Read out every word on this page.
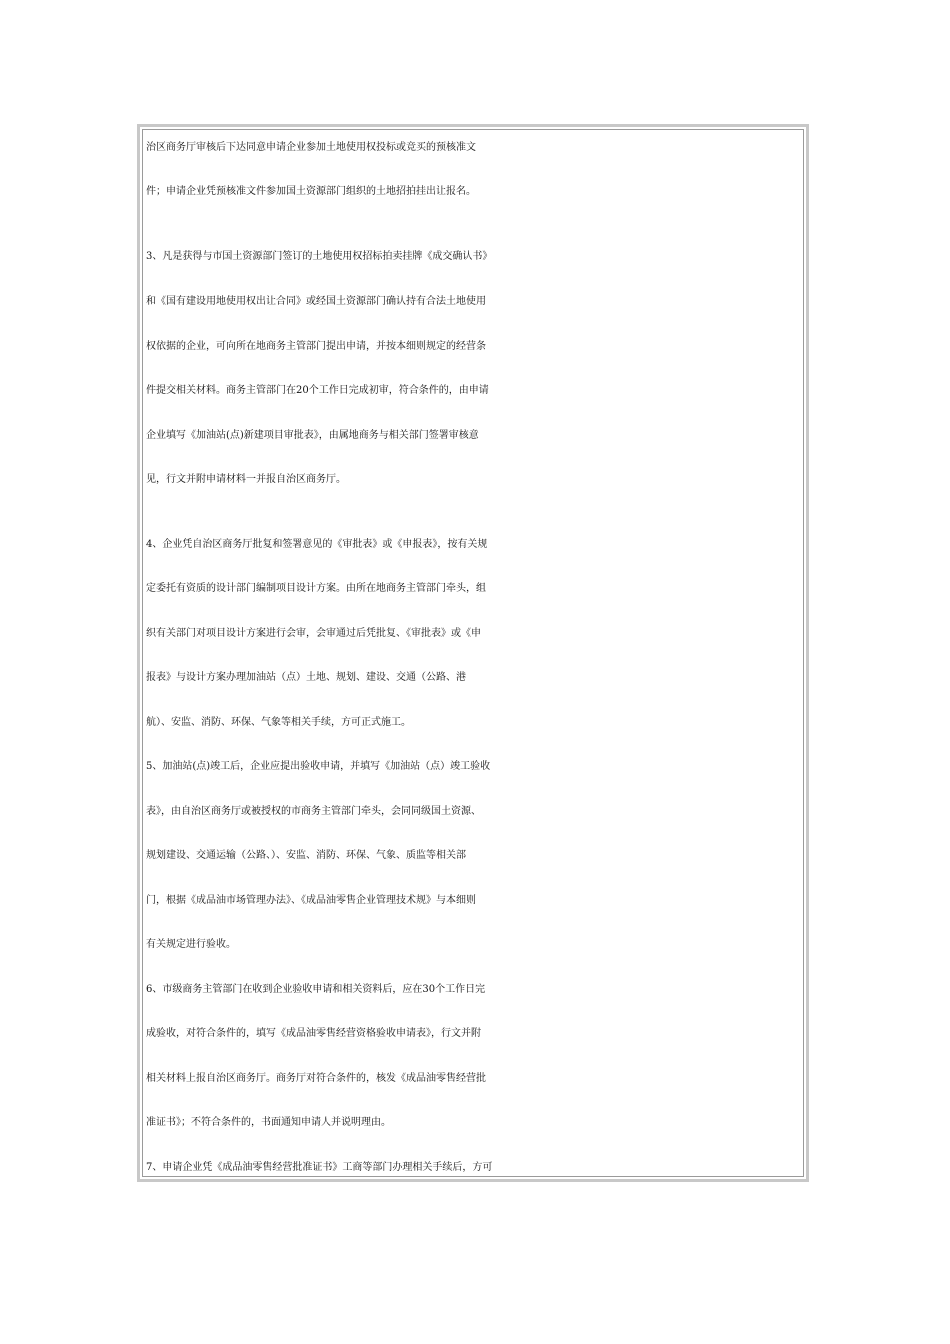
治区商务厅审核后下达同意申请企业参加土地使用权投标或竞买的预核准文
件；申请企业凭预核准文件参加国土资源部门组织的土地招拍挂出让报名。
3、凡是获得与市国土资源部门签订的土地使用权招标拍卖挂牌《成交确认书》
和《国有建设用地使用权出让合同》或经国土资源部门确认持有合法土地使用
权依据的企业，可向所在地商务主管部门提出申请，并按本细则规定的经营条
件提交相关材料。商务主管部门在20个工作日完成初审，符合条件的，由申请
企业填写《加油站(点)新建项目审批表》，由属地商务与相关部门签署审核意
见，行文并附申请材料一并报自治区商务厅。
4、企业凭自治区商务厅批复和签署意见的《审批表》或《申报表》，按有关规
定委托有资质的设计部门编制项目设计方案。由所在地商务主管部门牵头，组
织有关部门对项目设计方案进行会审，会审通过后凭批复、《审批表》或《申
报表》与设计方案办理加油站（点）土地、规划、建设、交通（公路、港
航）、安监、消防、环保、气象等相关手续，方可正式施工。
5、加油站(点)竣工后，企业应提出验收申请，并填写《加油站（点）竣工验收
表》，由自治区商务厅或被授权的市商务主管部门牵头，会同同级国土资源、
规划建设、交通运输（公路、）、安监、消防、环保、气象、质监等相关部
门，根据《成品油市场管理办法》、《成品油零售企业管理技术规》与本细则
有关规定进行验收。
6、市级商务主管部门在收到企业验收申请和相关资料后，应在30个工作日完
成验收，对符合条件的，填写《成品油零售经营资格验收申请表》，行文并附
相关材料上报自治区商务厅。商务厅对符合条件的，核发《成品油零售经营批
准证书》；不符合条件的，书面通知申请人并说明理由。
7、申请企业凭《成品油零售经营批准证书》工商等部门办理相关手续后，方可
